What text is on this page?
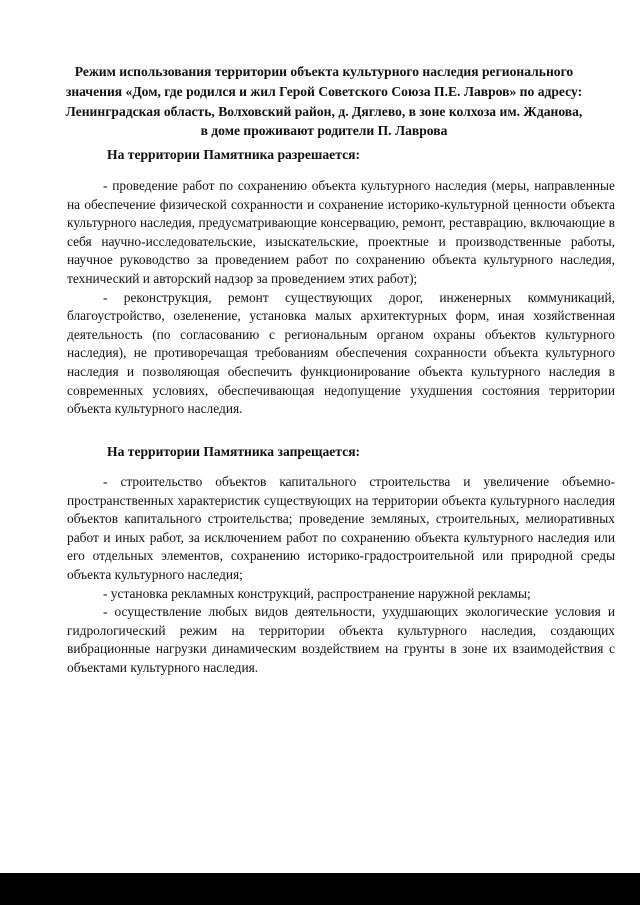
Режим использования территории объекта культурного наследия регионального значения «Дом, где родился и жил Герой Советского Союза П.Е. Лавров» по адресу: Ленинградская область, Волховский район, д. Дяглево, в зоне колхоза им. Жданова, в доме проживают родители П. Лаврова
На территории Памятника разрешается:

- проведение работ по сохранению объекта культурного наследия (меры, направленные на обеспечение физической сохранности и сохранение историко-культурной ценности объекта культурного наследия, предусматривающие консервацию, ремонт, реставрацию, включающие в себя научно-исследовательские, изыскательские, проектные и производственные работы, научное руководство за проведением работ по сохранению объекта культурного наследия, технический и авторский надзор за проведением этих работ);

- реконструкция, ремонт существующих дорог, инженерных коммуникаций, благоустройство, озеленение, установка малых архитектурных форм, иная хозяйственная деятельность (по согласованию с региональным органом охраны объектов культурного наследия), не противоречащая требованиям обеспечения сохранности объекта культурного наследия и позволяющая обеспечить функционирование объекта культурного наследия в современных условиях, обеспечивающая недопущение ухудшения состояния территории объекта культурного наследия.

На территории Памятника запрещается:

- строительство объектов капитального строительства и увеличение объемно-пространственных характеристик существующих на территории объекта культурного наследия объектов капитального строительства; проведение земляных, строительных, мелиоративных работ и иных работ, за исключением работ по сохранению объекта культурного наследия или его отдельных элементов, сохранению историко-градостроительной или природной среды объекта культурного наследия;

- установка рекламных конструкций, распространение наружной рекламы;

- осуществление любых видов деятельности, ухудшающих экологические условия и гидрологический режим на территории объекта культурного наследия, создающих вибрационные нагрузки динамическим воздействием на грунты в зоне их взаимодействия с объектами культурного наследия.
